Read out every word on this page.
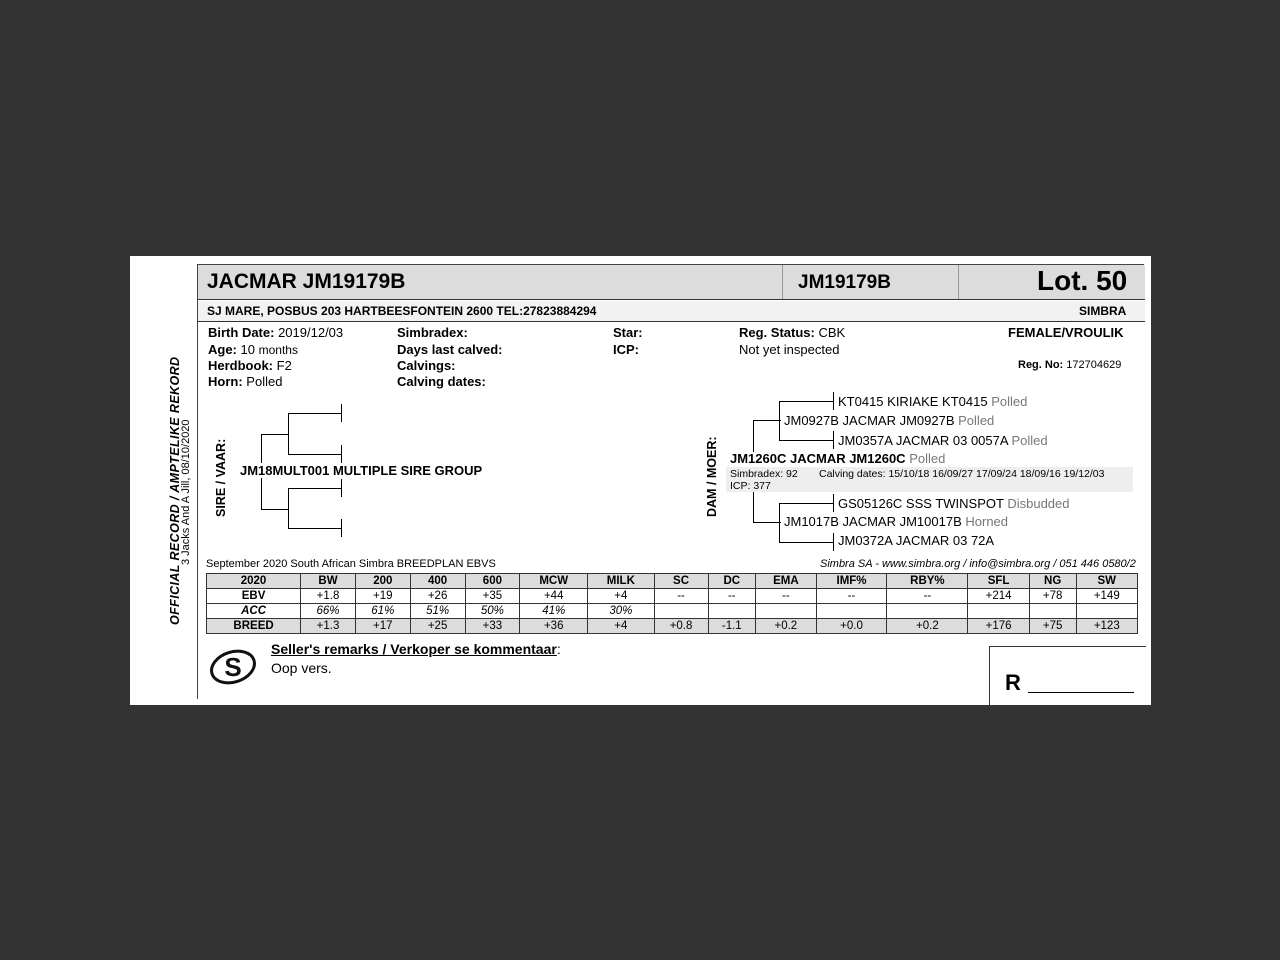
OFFICIAL RECORD / AMPTELIKE REKORD
3 Jacks And A Jill, 08/10/2020
JACMAR JM19179B	JM19179B	Lot. 50
SJ MARE, POSBUS 203 HARTBEESFONTEIN 2600 TEL:27823884294	SIMBRA
Birth Date: 2019/12/03
Age: 10 months
Herdbook: F2
Horn: Polled
Simbradex:
Days last calved:
Calvings:
Calving dates:
Star:
ICP:
Reg. Status: CBK
Not yet inspected
FEMALE/VROULIK
Reg. No: 172704629
SIRE / VAAR: JM18MULT001 MULTIPLE SIRE GROUP	DAM / MOER:
KT0415 KIRIAKE KT0415 Polled
JM0927B JACMAR JM0927B Polled
JM0357A JACMAR 03 0057A Polled
JM1260C JACMAR JM1260C Polled
Simbradex: 92 Calving dates: 15/10/18 16/09/27 17/09/24 18/09/16 19/12/03
ICP: 377
GS05126C SSS TWINSPOT Disbudded
JM1017B JACMAR JM10017B Horned
JM0372A JACMAR 03 72A
September 2020 South African Simbra BREEDPLAN EBVS	Simbra SA - www.simbra.org / info@simbra.org / 051 446 0580/2
2020	BW	200	400	600	MCW	MILK	SC	DC	EMA	IMF%	RBY%	SFL	NG	SW
EBV	+1.8	+19	+26	+35	+44	+4	--	--	--	--	--	+214	+78	+149
ACC	66%	61%	51%	50%	41%	30%								
BREED	+1.3	+17	+25	+33	+36	+4	+0.8	-1.1	+0.2	+0.0	+0.2	+176	+75	+123
S
Seller's remarks / Verkoper se kommentaar:
Oop vers.
R
